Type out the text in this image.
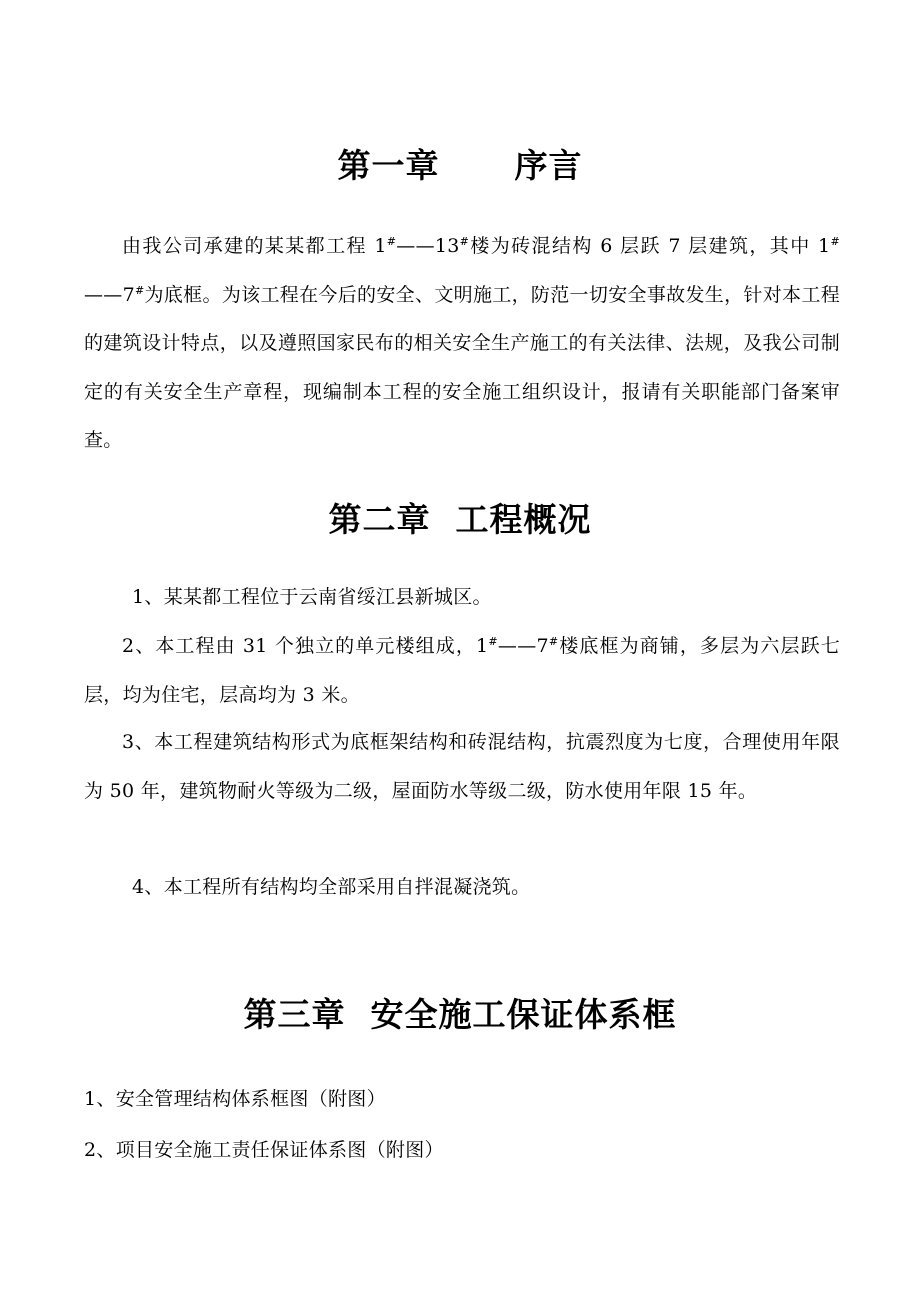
第一章      序言
由我公司承建的某某都工程 1#——13#楼为砖混结构 6 层跃 7 层建筑，其中 1#——7#为底框。为该工程在今后的安全、文明施工，防范一切安全事故发生，针对本工程的建筑设计特点，以及遵照国家民布的相关安全生产施工的有关法律、法规，及我公司制定的有关安全生产章程，现编制本工程的安全施工组织设计，报请有关职能部门备案审查。
第二章  工程概况
1、某某都工程位于云南省绥江县新城区。
2、本工程由 31 个独立的单元楼组成，1#——7#楼底框为商铺，多层为六层跃七层，均为住宅，层高均为 3 米。
3、本工程建筑结构形式为底框架结构和砖混结构，抗震烈度为七度，合理使用年限为 50 年，建筑物耐火等级为二级，屋面防水等级二级，防水使用年限 15 年。
4、本工程所有结构均全部采用自拌混凝浇筑。
第三章  安全施工保证体系框
1、安全管理结构体系框图（附图）
2、项目安全施工责任保证体系图（附图）
